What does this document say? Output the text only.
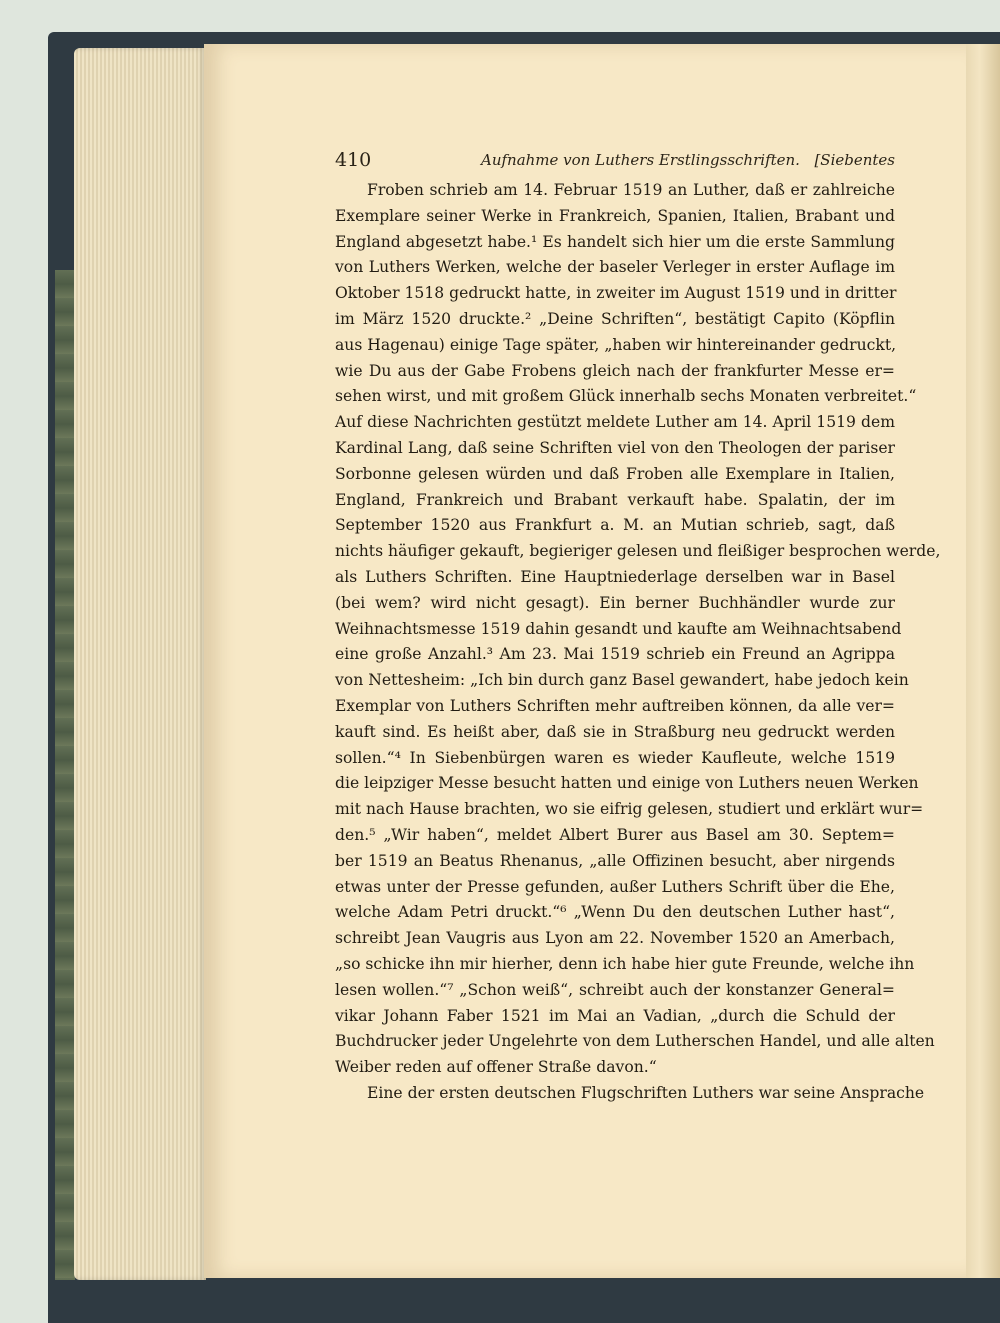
410	Aufnahme von Luthers Erstlingsschriften. [Siebentes
Froben schrieb am 14. Februar 1519 an Luther, daß er zahlreiche
Exemplare seiner Werke in Frankreich, Spanien, Italien, Brabant und
England abgesetzt habe.¹ Es handelt sich hier um die erste Sammlung
von Luthers Werken, welche der baseler Verleger in erster Auflage im
Oktober 1518 gedruckt hatte, in zweiter im August 1519 und in dritter
im März 1520 druckte.² „Deine Schriften“, bestätigt Capito (Köpflin
aus Hagenau) einige Tage später, „haben wir hintereinander gedruckt,
wie Du aus der Gabe Frobens gleich nach der frankfurter Messe er=
sehen wirst, und mit großem Glück innerhalb sechs Monaten verbreitet.“
Auf diese Nachrichten gestützt meldete Luther am 14. April 1519 dem
Kardinal Lang, daß seine Schriften viel von den Theologen der pariser
Sorbonne gelesen würden und daß Froben alle Exemplare in Italien,
England, Frankreich und Brabant verkauft habe. Spalatin, der im
September 1520 aus Frankfurt a. M. an Mutian schrieb, sagt, daß
nichts häufiger gekauft, begieriger gelesen und fleißiger besprochen werde,
als Luthers Schriften. Eine Hauptniederlage derselben war in Basel
(bei wem? wird nicht gesagt). Ein berner Buchhändler wurde zur
Weihnachtsmesse 1519 dahin gesandt und kaufte am Weihnachtsabend
eine große Anzahl.³ Am 23. Mai 1519 schrieb ein Freund an Agrippa
von Nettesheim: „Ich bin durch ganz Basel gewandert, habe jedoch kein
Exemplar von Luthers Schriften mehr auftreiben können, da alle ver=
kauft sind. Es heißt aber, daß sie in Straßburg neu gedruckt werden
sollen.“⁴ In Siebenbürgen waren es wieder Kaufleute, welche 1519
die leipziger Messe besucht hatten und einige von Luthers neuen Werken
mit nach Hause brachten, wo sie eifrig gelesen, studiert und erklärt wur=
den.⁵ „Wir haben“, meldet Albert Burer aus Basel am 30. Septem=
ber 1519 an Beatus Rhenanus, „alle Offizinen besucht, aber nirgends
etwas unter der Presse gefunden, außer Luthers Schrift über die Ehe,
welche Adam Petri druckt.“⁶ „Wenn Du den deutschen Luther hast“,
schreibt Jean Vaugris aus Lyon am 22. November 1520 an Amerbach,
„so schicke ihn mir hierher, denn ich habe hier gute Freunde, welche ihn
lesen wollen.“⁷ „Schon weiß“, schreibt auch der konstanzer General=
vikar Johann Faber 1521 im Mai an Vadian, „durch die Schuld der
Buchdrucker jeder Ungelehrte von dem Lutherschen Handel, und alle alten
Weiber reden auf offener Straße davon.“
Eine der ersten deutschen Flugschriften Luthers war seine Ansprache
